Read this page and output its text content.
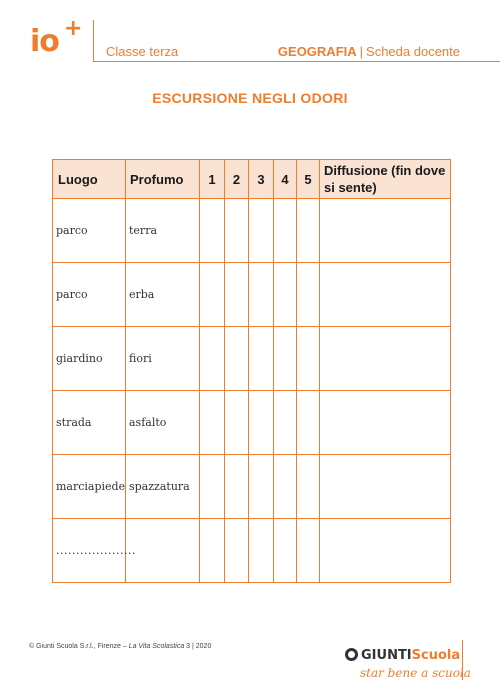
io +
Classe terza	GEOGRAFIA | Scheda docente
ESCURSIONE NEGLI ODORI
Luogo	Profumo	1	2	3	4	5	Diffusione (fin dove si sente)
parco	terra						
parco	erba						
giardino	fiori						
strada	asfalto						
marciapiede	spazzatura						
....................							
© Giunti Scuola S.r.l., Firenze – La Vita Scolastica 3 | 2020
GIUNTIScuola
star bene a scuola
